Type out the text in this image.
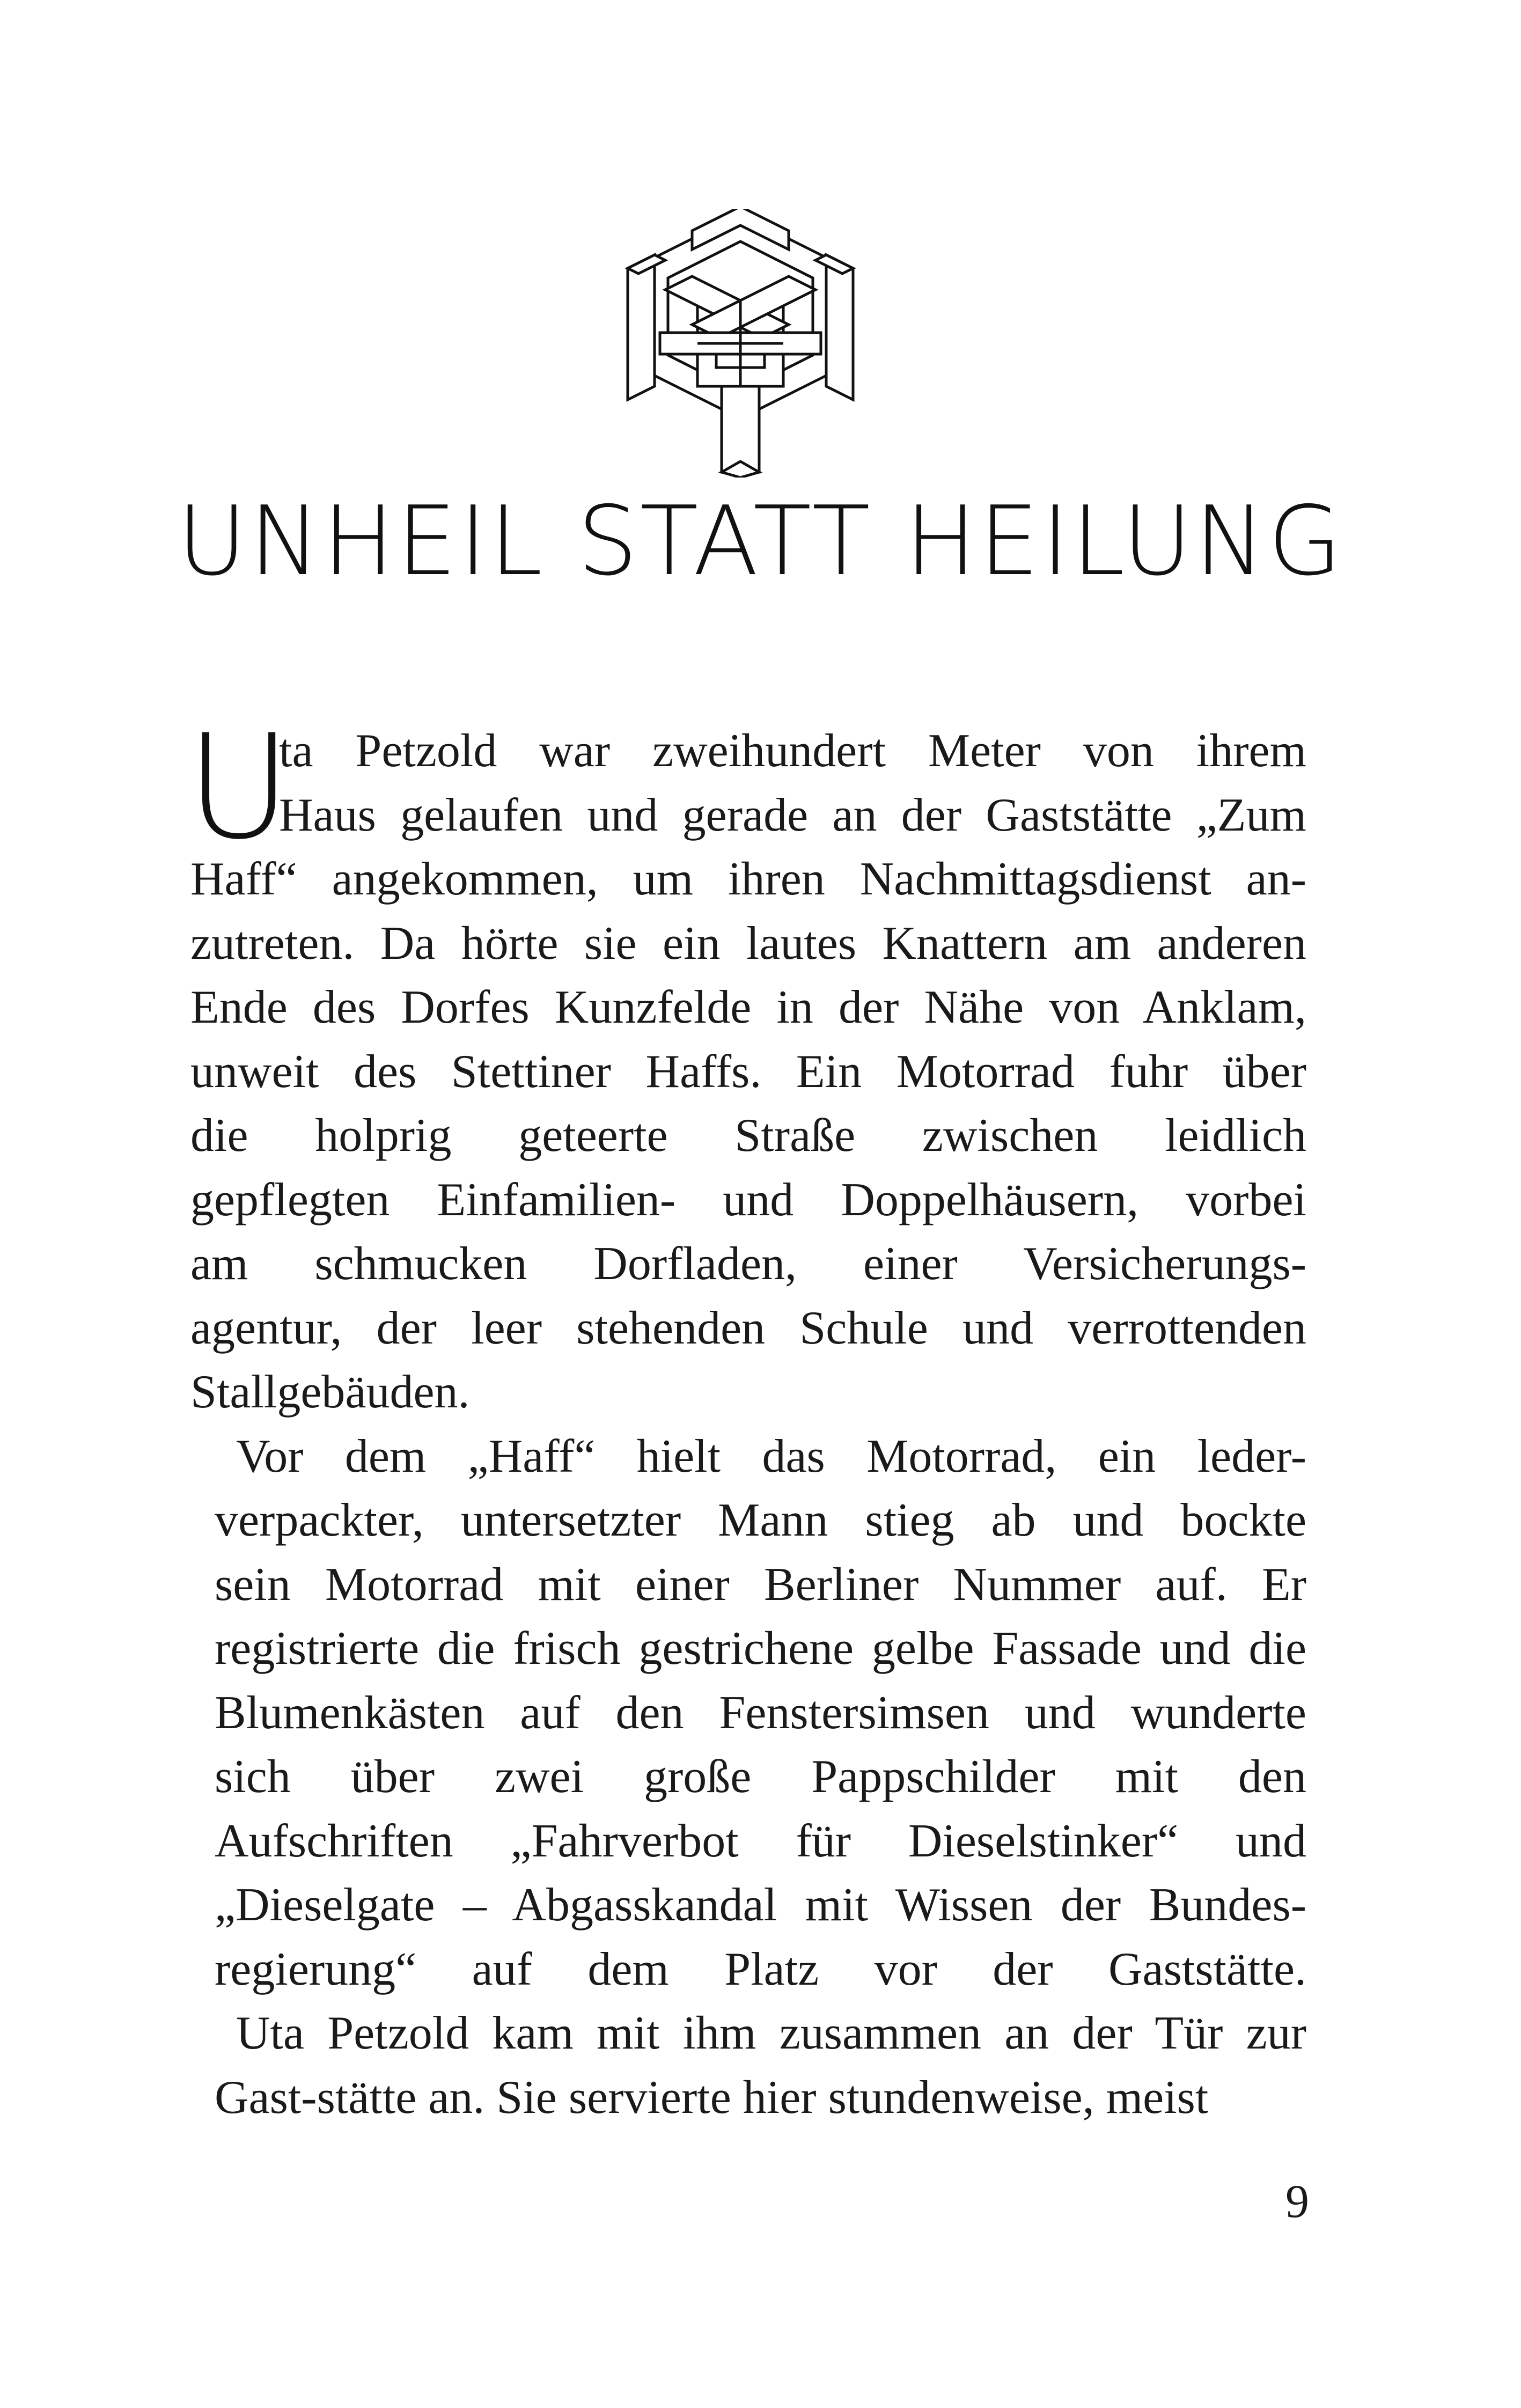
UNHEIL STATT HEILUNG
U
ta Petzold war zweihundert Meter von ihrem
Haus gelaufen und gerade an der Gaststätte „Zum
Haff“ angekommen, um ihren Nachmittagsdienst an-
zutreten. Da hörte sie ein lautes Knattern am anderen
Ende des Dorfes Kunzfelde in der Nähe von Anklam,
unweit des Stettiner Haffs. Ein Motorrad fuhr über
die holprig geteerte Straße zwischen leidlich
gepflegten Einfamilien- und Doppelhäusern, vorbei
am schmucken Dorfladen, einer Versicherungs-
agentur, der leer stehenden Schule und verrottenden
Stallgebäuden.
Vor dem „Haff“ hielt das Motorrad, ein leder-
verpackter, untersetzter Mann stieg ab und bockte
sein Motorrad mit einer Berliner Nummer auf. Er
registrierte die frisch gestrichene gelbe Fassade und die
Blumenkästen auf den Fenstersimsen und wunderte
sich über zwei große Pappschilder mit den
Aufschriften „Fahrverbot für Dieselstinker“ und
„Dieselgate – Abgasskandal mit Wissen der Bundes-
regierung“ auf dem Platz vor der Gaststätte.
Uta Petzold kam mit ihm zusammen an der Tür zur
Gast-stätte an. Sie servierte hier stundenweise, meist
9
